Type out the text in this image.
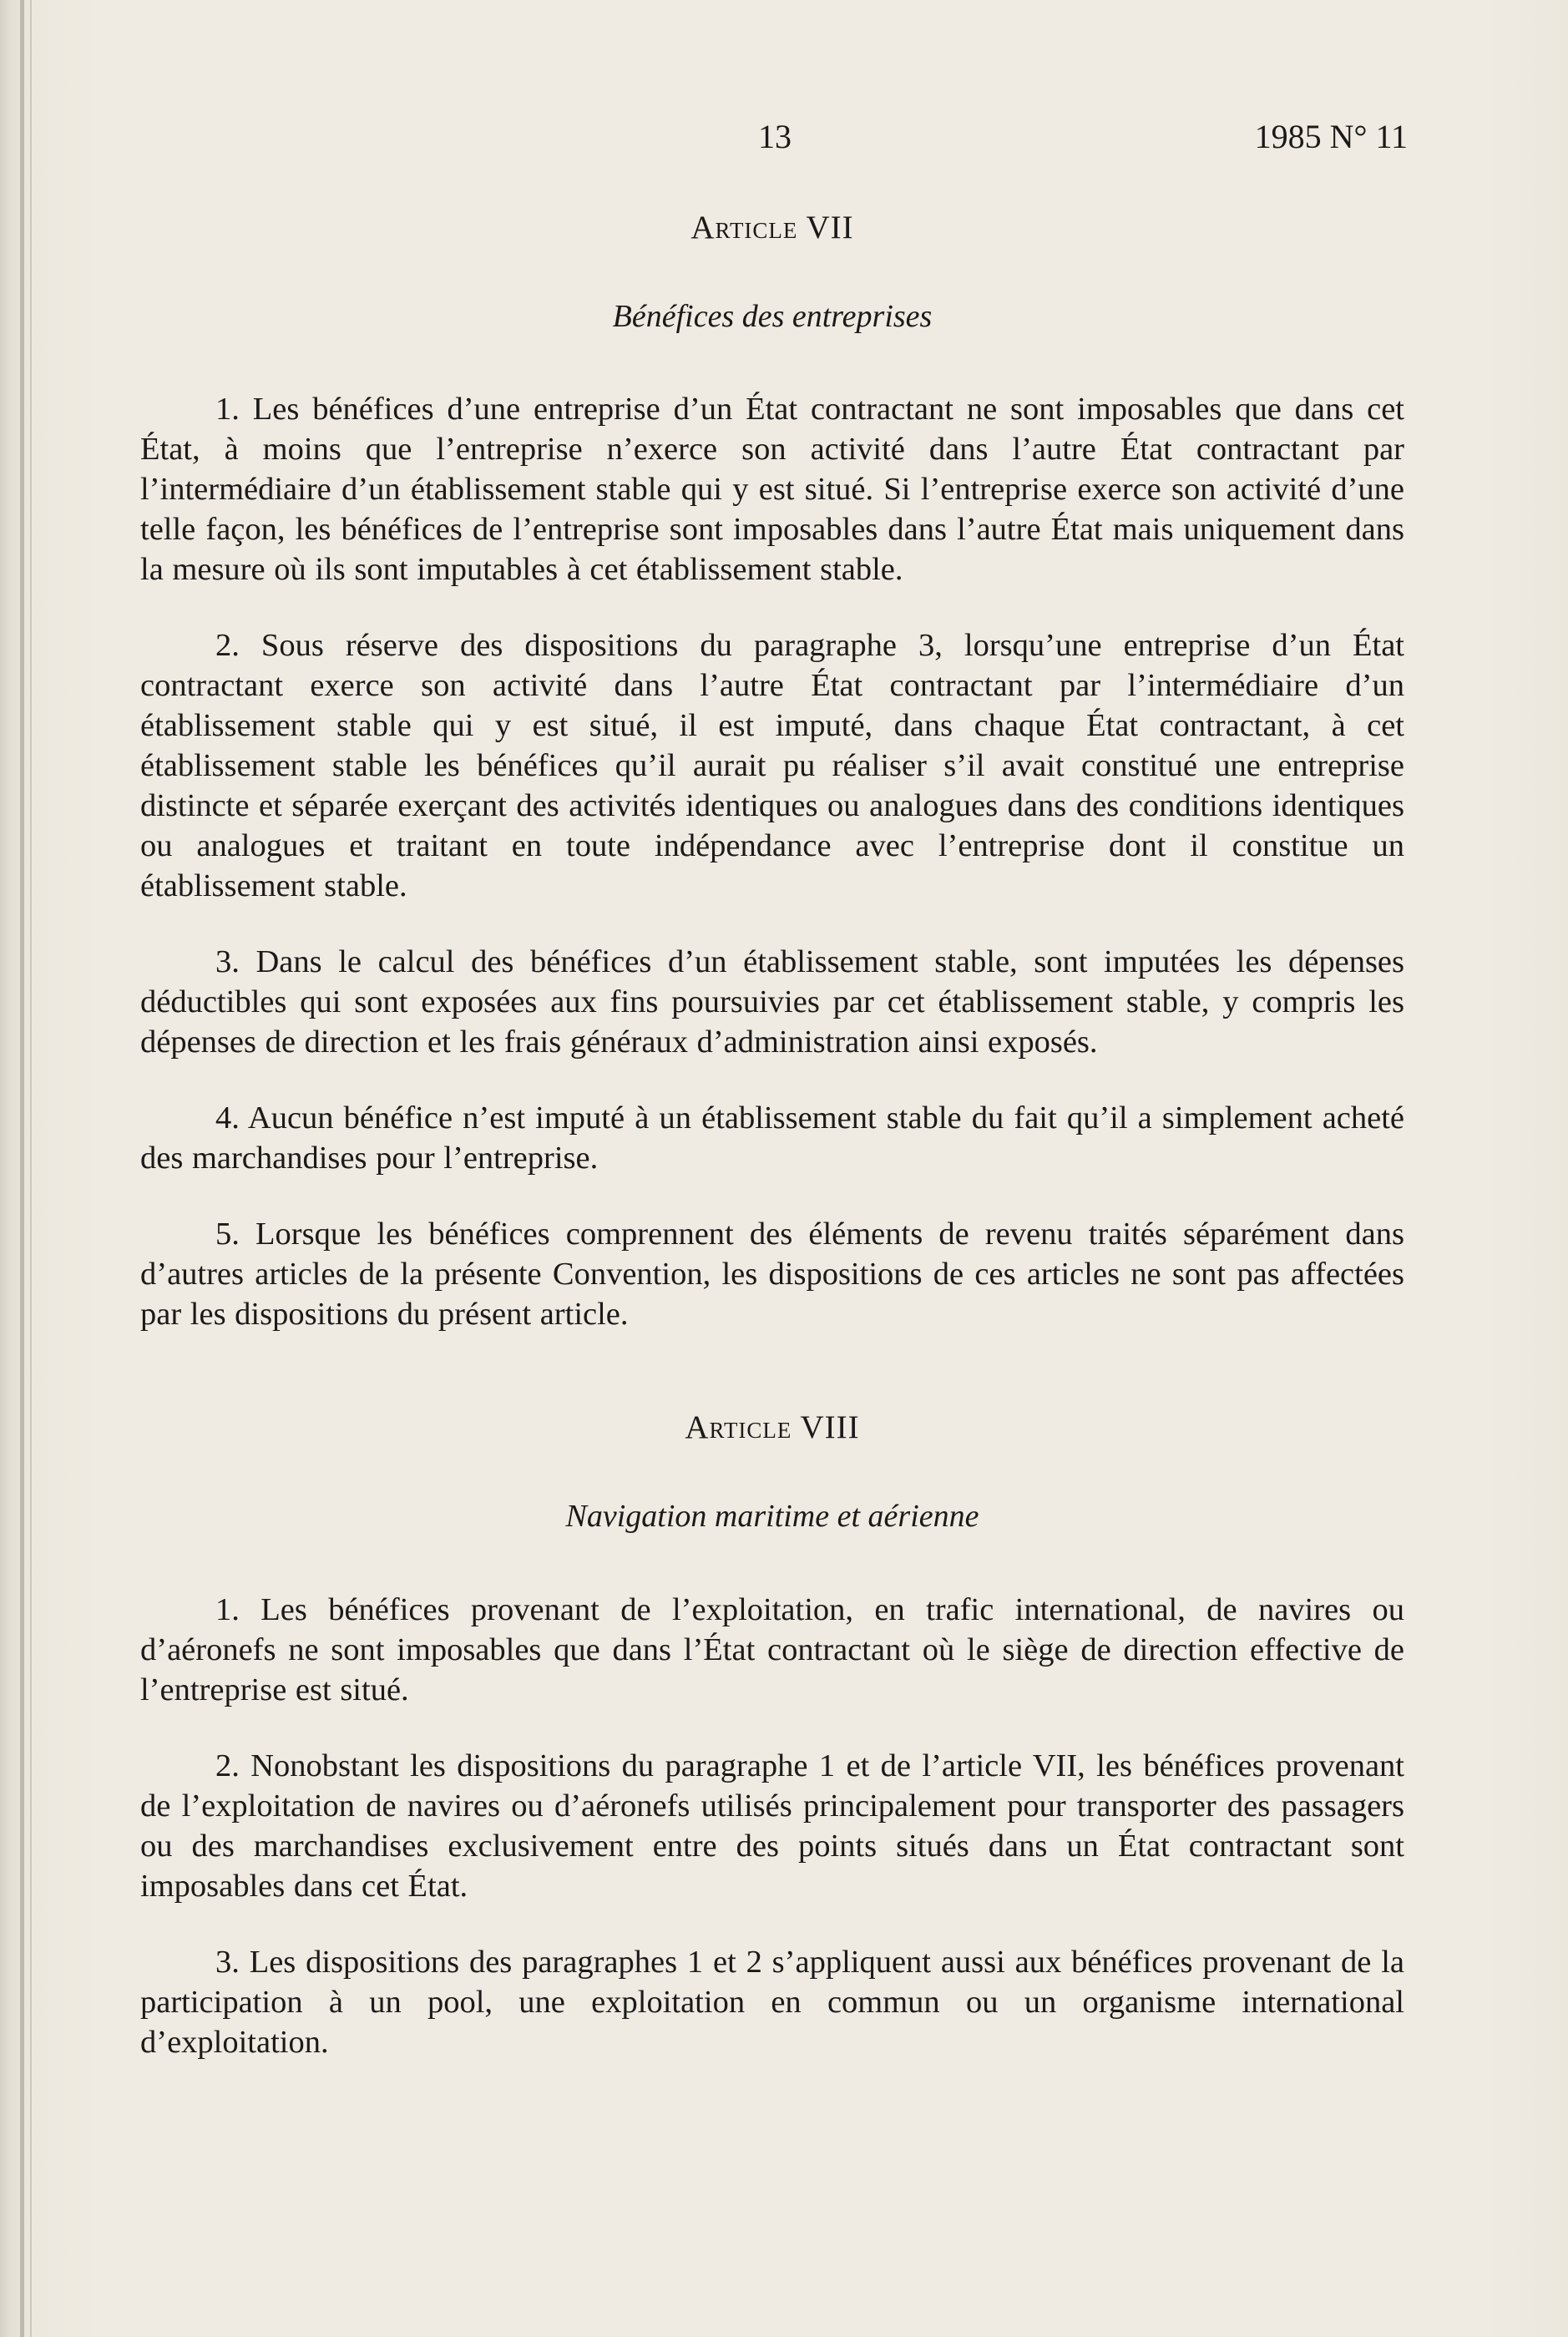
13	1985 N° 11
Article VII
Bénéfices des entreprises

1. Les bénéfices d’une entreprise d’un État contractant ne sont imposables que dans cet État, à moins que l’entreprise n’exerce son activité dans l’autre État contractant par l’intermédiaire d’un établissement stable qui y est situé. Si l’entreprise exerce son activité d’une telle façon, les bénéfices de l’entreprise sont imposables dans l’autre État mais uniquement dans la mesure où ils sont imputables à cet établissement stable.

2. Sous réserve des dispositions du paragraphe 3, lorsqu’une entreprise d’un État contractant exerce son activité dans l’autre État contractant par l’intermédiaire d’un établissement stable qui y est situé, il est imputé, dans chaque État contractant, à cet établissement stable les bénéfices qu’il aurait pu réaliser s’il avait constitué une entreprise distincte et séparée exerçant des activités identiques ou analogues dans des conditions identiques ou analogues et traitant en toute indépendance avec l’entreprise dont il constitue un établissement stable.

3. Dans le calcul des bénéfices d’un établissement stable, sont imputées les dépenses déductibles qui sont exposées aux fins poursuivies par cet établissement stable, y compris les dépenses de direction et les frais généraux d’administration ainsi exposés.

4. Aucun bénéfice n’est imputé à un établissement stable du fait qu’il a simplement acheté des marchandises pour l’entreprise.

5. Lorsque les bénéfices comprennent des éléments de revenu traités séparément dans d’autres articles de la présente Convention, les dispositions de ces articles ne sont pas affectées par les dispositions du présent article.

Article VIII
Navigation maritime et aérienne

1. Les bénéfices provenant de l’exploitation, en trafic international, de navires ou d’aéronefs ne sont imposables que dans l’État contractant où le siège de direction effective de l’entreprise est situé.

2. Nonobstant les dispositions du paragraphe 1 et de l’article VII, les bénéfices provenant de l’exploitation de navires ou d’aéronefs utilisés principalement pour transporter des passagers ou des marchandises exclusivement entre des points situés dans un État contractant sont imposables dans cet État.

3. Les dispositions des paragraphes 1 et 2 s’appliquent aussi aux bénéfices provenant de la participation à un pool, une exploitation en commun ou un organisme international d’exploitation.
